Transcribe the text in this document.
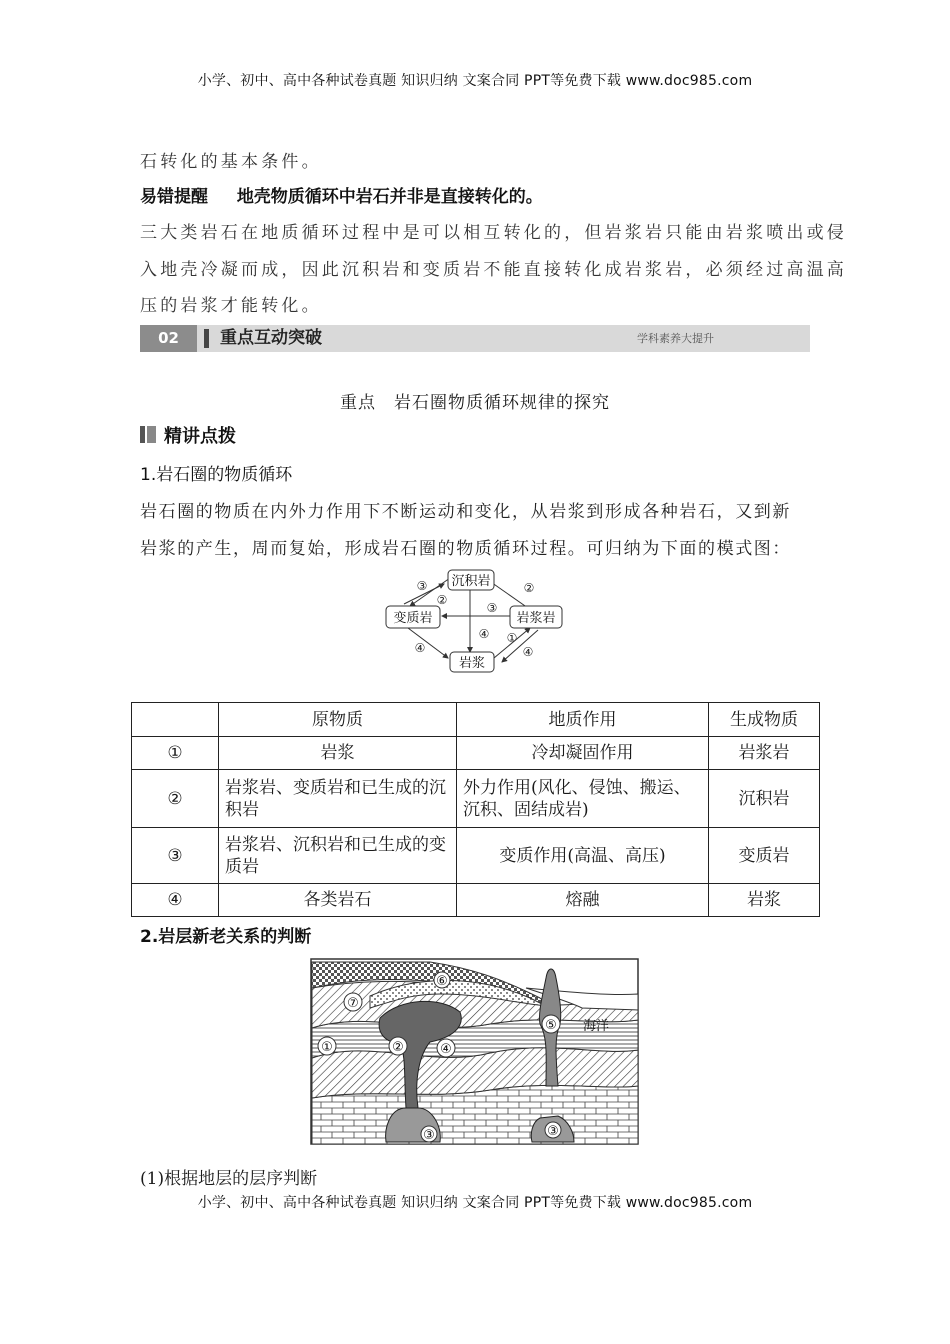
小学、初中、高中各种试卷真题 知识归纳 文案合同 PPT等免费下载 www.doc985.com
石转化的基本条件。
易错提醒 地壳物质循环中岩石并非是直接转化的。
三大类岩石在地质循环过程中是可以相互转化的，但岩浆岩只能由岩浆喷出或侵
入地壳冷凝而成，因此沉积岩和变质岩不能直接转化成岩浆岩，必须经过高温高
压的岩浆才能转化。
02	重点互动突破	学科素养大提升
重点　岩石圈物质循环规律的探究
精讲点拨
1.岩石圈的物质循环
岩石圈的物质在内外力作用下不断运动和变化，从岩浆到形成各种岩石，又到新
岩浆的产生，周而复始，形成岩石圈的物质循环过程。可归纳为下面的模式图：
沉积岩
变质岩	岩浆岩
岩浆
③
②
②
③
④ ①
④	④
	原物质	地质作用	生成物质
①	岩浆	冷却凝固作用	岩浆岩
②	岩浆岩、变质岩和已生成的沉积岩	外力作用(风化、侵蚀、搬运、沉积、固结成岩)	沉积岩
③	岩浆岩、沉积岩和已生成的变质岩	变质作用(高温、高压)	变质岩
④	各类岩石	熔融	岩浆
2.岩层新老关系的判断
⑦
⑥
①	②	④
⑤
③	③
海洋
(1)根据地层的层序判断
小学、初中、高中各种试卷真题 知识归纳 文案合同 PPT等免费下载 www.doc985.com
